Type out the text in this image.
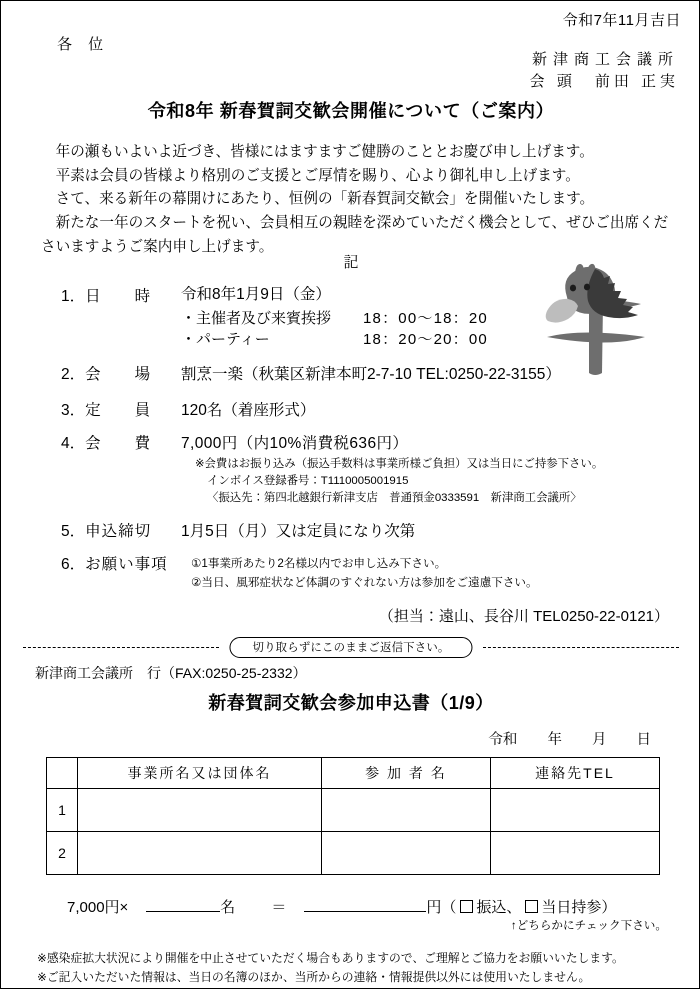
令和7年11月吉日
各 位
新津商工会議所
会 頭　前田 正実
令和8年 新春賀詞交歓会開催について（ご案内）

年の瀬もいよいよ近づき、皆様にはますますご健勝のこととお慶び申し上げます。

平素は会員の皆様より格別のご支援とご厚情を賜り、心より御礼申し上げます。

さて、来る新年の幕開けにあたり、恒例の「新春賀詞交歓会」を開催いたします。

新たな一年のスタートを祝い、会員相互の親睦を深めていただく機会として、ぜひご出席くださいますようご案内申し上げます。

記
1．日　　時	令和8年1月9日（金）
・主催者及び来賓挨拶	18：00～18：20
・パーティー	18：20～20：00
2．会　　場	割烹一楽（秋葉区新津本町2-7-10 TEL:0250-22-3155）
3．定　　員	120名（着座形式）
4．会　　費	7,000円（内10%消費税636円）
※会費はお振り込み（振込手数料は事業所様ご負担）又は当日にご持参下さい。
インボイス登録番号：T1110005001915
〈振込先：第四北越銀行新津支店　普通預金0333591　新津商工会議所〉
5．申込締切	1月5日（月）又は定員になり次第
6．お願い事項 ①1事業所あたり2名様以内でお申し込み下さい。
②当日、風邪症状など体調のすぐれない方は参加をご遠慮下さい。
（担当：遠山、長谷川 TEL0250-22-0121）
切り取らずにこのままご返信下さい。
新津商工会議所　行（FAX:0250-25-2332）
新春賀詞交歓会参加申込書（1/9）
令和 年 月 日
	事業所名又は団体名	参 加 者 名	連絡先TEL
1			
2			
7,000円×	名 ＝	円（ 振込、 当日持参）
↑どちらかにチェック下さい。
※感染症拡大状況により開催を中止させていただく場合もありますので、ご理解とご協力をお願いいたします。
※ご記入いただいた情報は、当日の名簿のほか、当所からの連絡・情報提供以外には使用いたしません。
